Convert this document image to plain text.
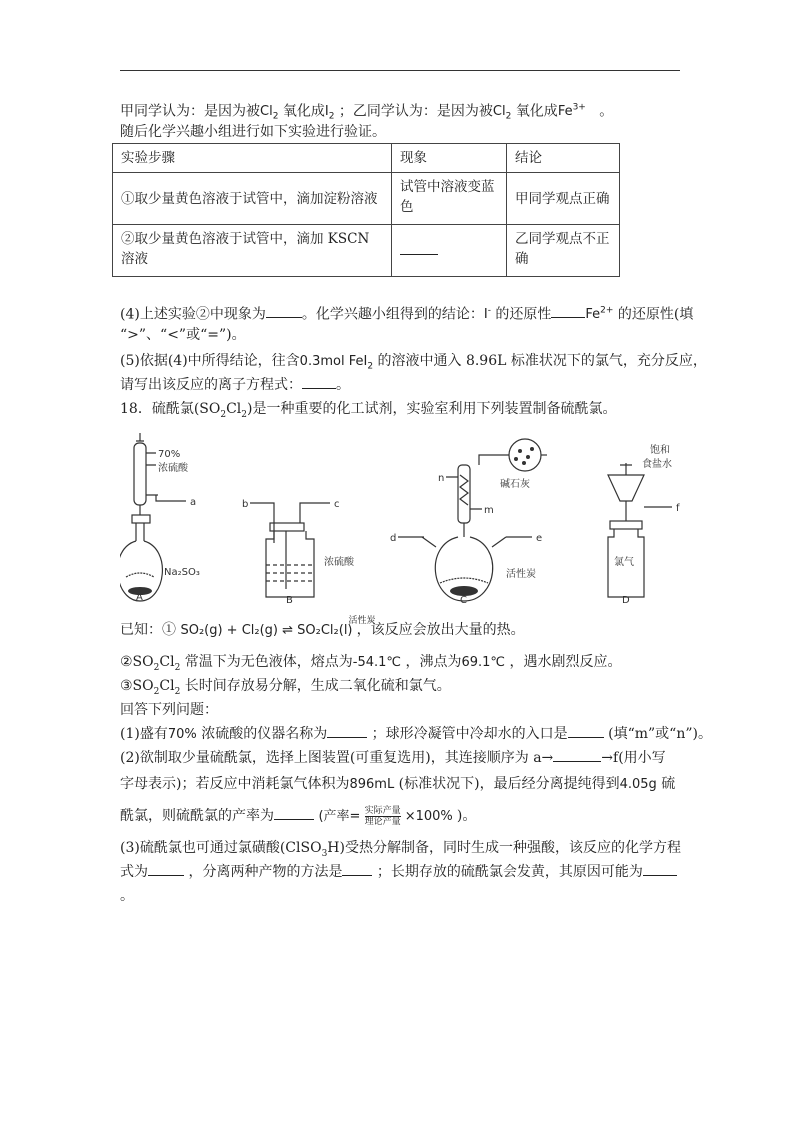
甲同学认为：是因为被$Cl_2$ 氧化成$I_2$ ；乙同学认为：是因为被$Cl_2$ 氧化成$Fe^{3+}$ 。
随后化学兴趣小组进行如下实验进行验证。
实验步骤	现象	结论
①取少量黄色溶液于试管中，滴加淀粉溶液	试管中溶液变蓝色	甲同学观点正确
②取少量黄色溶液于试管中，滴加 KSCN 溶液		乙同学观点不正确
(4)上述实验②中现象为	。化学兴趣小组得到的结论：I- 的还原性	$Fe^{2+}$ 的还原性(填
“>”、“<”或“=”)。
(5)依据(4)中所得结论，往含0.3mol FeI$_2$ 的溶液中通入 8.96L 标准状况下的氯气，充分反应，
请写出该反应的离子方程式： 。
18．硫酰氯$(SO_2Cl_2)$是一种重要的化工试剂，实验室利用下列装置制备硫酰氯。
70%
浓硫酸
a
Na₂SO₃
b	c
浓硫酸
碱石灰
n
m
d	e
活性炭
饱和
食盐水
f
氯气
A	B	C	D
已知：① SO₂(g) + Cl₂(g) ⇌ SO₂Cl₂(l)
活性炭
，该反应会放出大量的热。
$②SO_2Cl_2$ 常温下为无色液体，熔点为-54.1℃ ，沸点为69.1℃ ，遇水剧烈反应。
$③SO_2Cl_2$ 长时间存放易分解，生成二氧化硫和氯气。
回答下列问题：
(1)盛有70% 浓硫酸的仪器名称为	；球形冷凝管中冷却水的入口是	(填“m”或“n”)。
(2)欲制取少量硫酰氯，选择上图装置(可重复选用)，其连接顺序为 a→	→f(用小写
字母表示)；若反应中消耗氯气体积为896mL (标准状况下)，最后经分离提纯得到4.05g 硫
酰氯，则硫酰氯的产率为	(产率= 实际产量
理论产量 ×100% )。
(3)硫酰氯也可通过氯磺酸(ClSO$_3$H)受热分解制备，同时生成一种强酸，该反应的化学方程
式为	，分离两种产物的方法是 ；长期存放的硫酰氯会发黄，其原因可能为
。
